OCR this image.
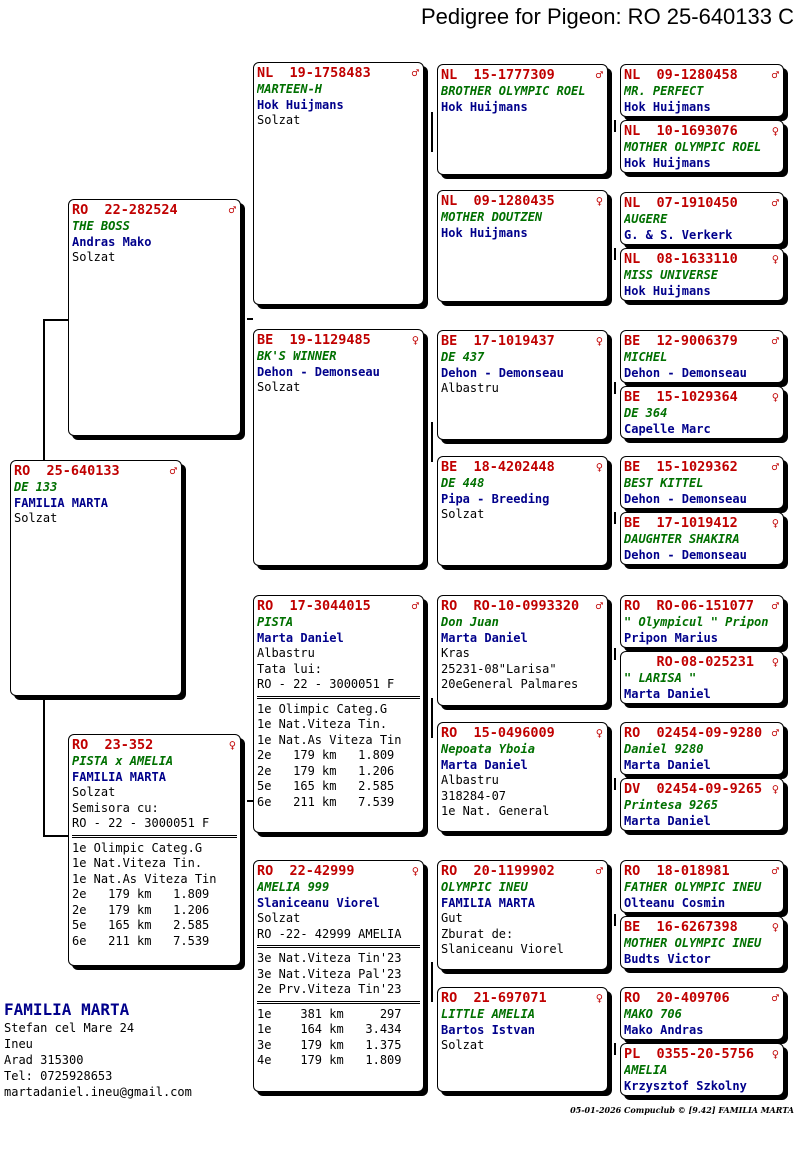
Pedigree for Pigeon: RO 25-640133 C
RO  25-640133	♂
DE 133
FAMILIA MARTA
Solzat
RO  22-282524	♂
THE BOSS
Andras Mako
Solzat
RO  23-352	♀
PISTA x AMELIA
FAMILIA MARTA
Solzat
Semisora cu:
RO - 22 - 3000051 F
1e Olimpic Categ.G
1e Nat.Viteza Tin.
1e Nat.As Viteza Tin
2e   179 km   1.809
2e   179 km   1.206
5e   165 km   2.585
6e   211 km   7.539
NL  19-1758483	♂
MARTEEN-H
Hok Huijmans
Solzat
BE  19-1129485	♀
BK'S WINNER
Dehon - Demonseau
Solzat
RO  17-3044015	♂
PISTA
Marta Daniel
Albastru
Tata lui:
RO - 22 - 3000051 F
1e Olimpic Categ.G
1e Nat.Viteza Tin.
1e Nat.As Viteza Tin
2e   179 km   1.809
2e   179 km   1.206
5e   165 km   2.585
6e   211 km   7.539
RO  22-42999	♀
AMELIA 999
Slaniceanu Viorel
Solzat
RO -22- 42999 AMELIA
3e Nat.Viteza Tin'23
3e Nat.Viteza Pal'23
2e Prv.Viteza Tin'23
1e    381 km     297
1e    164 km   3.434
3e    179 km   1.375
4e    179 km   1.809
NL  15-1777309	♂
BROTHER OLYMPIC ROEL
Hok Huijmans
NL  09-1280435	♀
MOTHER DOUTZEN
Hok Huijmans
BE  17-1019437	♀
DE 437
Dehon - Demonseau
Albastru
BE  18-4202448	♀
DE 448
Pipa - Breeding
Solzat
RO  RO-10-0993320 ♂
Don Juan
Marta Daniel
Kras
25231-08"Larisa"
20eGeneral Palmares
RO  15-0496009	♀
Nepoata Yboia
Marta Daniel
Albastru
318284-07
1e Nat. General
RO  20-1199902	♂
OLYMPIC INEU
FAMILIA MARTA
Gut
Zburat de:
Slaniceanu Viorel
RO  21-697071	♀
LITTLE AMELIA
Bartos Istvan
Solzat
NL  09-1280458	♂
MR. PERFECT
Hok Huijmans
NL  10-1693076	♀
MOTHER OLYMPIC ROEL
Hok Huijmans
NL  07-1910450	♂
AUGERE
G. & S. Verkerk
NL  08-1633110	♀
MISS UNIVERSE
Hok Huijmans
BE  12-9006379	♂
MICHEL
Dehon - Demonseau
BE  15-1029364	♀
DE 364
Capelle Marc
BE  15-1029362	♂
BEST KITTEL
Dehon - Demonseau
BE  17-1019412	♀
DAUGHTER SHAKIRA
Dehon - Demonseau
RO  RO-06-151077 ♂
" Olympicul " Pripon
Pripon Marius
RO-08-025231 ♀
" LARISA "
Marta Daniel
RO  02454-09-9280 ♂
Daniel 9280
Marta Daniel
DV  02454-09-9265 ♀
Printesa 9265
Marta Daniel
RO  18-018981	♂
FATHER OLYMPIC INEU
Olteanu Cosmin
BE  16-6267398	♀
MOTHER OLYMPIC INEU
Budts Victor
RO  20-409706	♂
MAKO 706
Mako Andras
PL  0355-20-5756 ♀
AMELIA
Krzysztof Szkolny
FAMILIA MARTA
Stefan cel Mare 24
Ineu
Arad 315300
Tel: 0725928653
martadaniel.ineu@gmail.com
05-01-2026 Compuclub © [9.42] FAMILIA MARTA
